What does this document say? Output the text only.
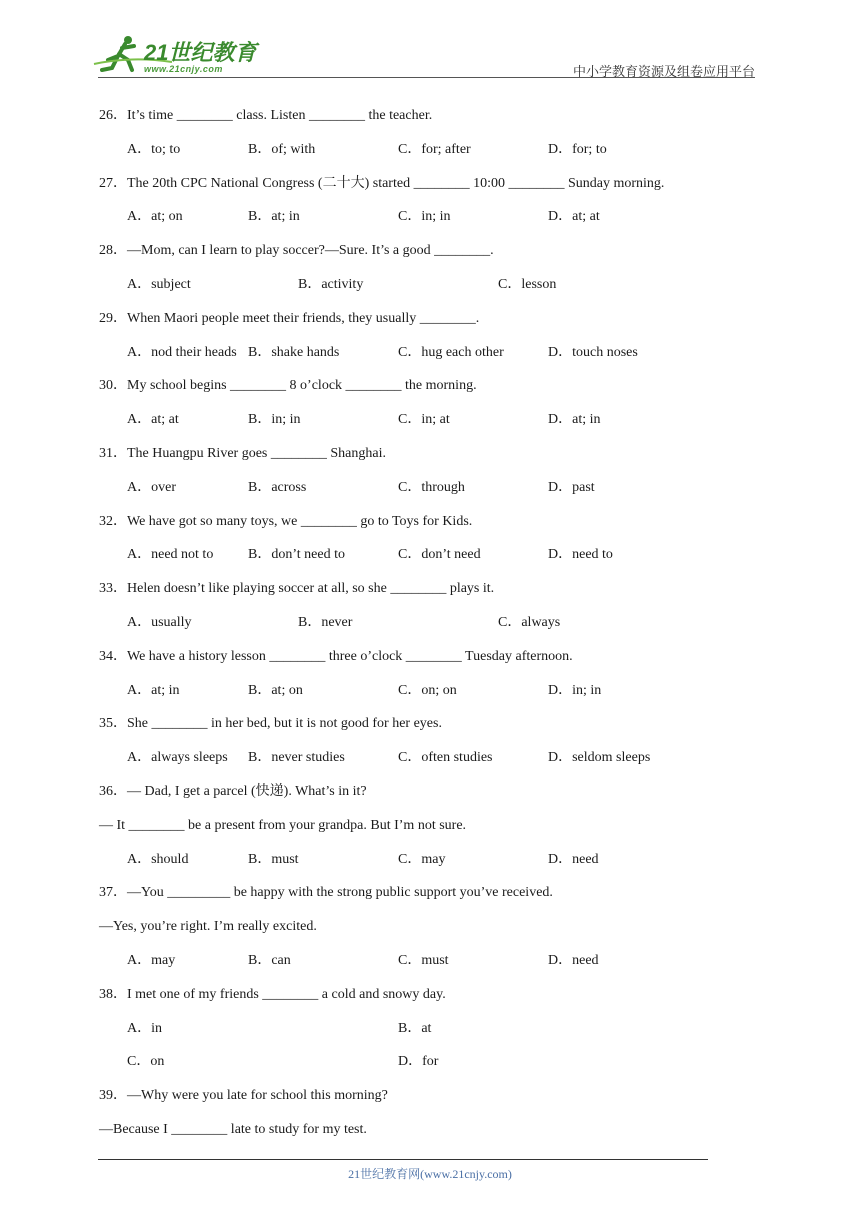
21世纪教育
www.21cnjy.com	中小学教育资源及组卷应用平台
26．It’s time ________ class. Listen ________ the teacher.
A．to; to	B．of; with	C．for; after	D．for; to
27．The 20th CPC National Congress (二十大) started ________ 10:00 ________ Sunday morning.
A．at; on	B．at; in	C．in; in	D．at; at
28．—Mom, can I learn to play soccer?—Sure. It’s a good ________.
A．subject	B．activity	C．lesson
29．When Maori people meet their friends, they usually ________.
A．nod their heads B．shake hands	C．hug each other	D．touch noses
30．My school begins ________ 8 o’clock ________ the morning.
A．at; at	B．in; in	C．in; at	D．at; in
31．The Huangpu River goes ________ Shanghai.
A．over	B．across	C．through	D．past
32．We have got so many toys, we ________ go to Toys for Kids.
A．need not to B．don’t need to	C．don’t need	D．need to
33．Helen doesn’t like playing soccer at all, so she ________ plays it.
A．usually	B．never	C．always
34．We have a history lesson ________ three o’clock ________ Tuesday afternoon.
A．at; in	B．at; on	C．on; on	D．in; in
35．She ________ in her bed, but it is not good for her eyes.
A．always sleeps B．never studies	C．often studies	D．seldom sleeps
36．— Dad, I get a parcel (快递). What’s in it?
— It ________ be a present from your grandpa. But I’m not sure.
A．should	B．must	C．may	D．need
37．—You _________ be happy with the strong public support you’ve received.
—Yes, you’re right. I’m really excited.
A．may	B．can	C．must	D．need
38．I met one of my friends ________ a cold and snowy day.
A．in	B．at
C．on	D．for
39．—Why were you late for school this morning?
—Because I ________ late to study for my test.
21世纪教育网(www.21cnjy.com)
